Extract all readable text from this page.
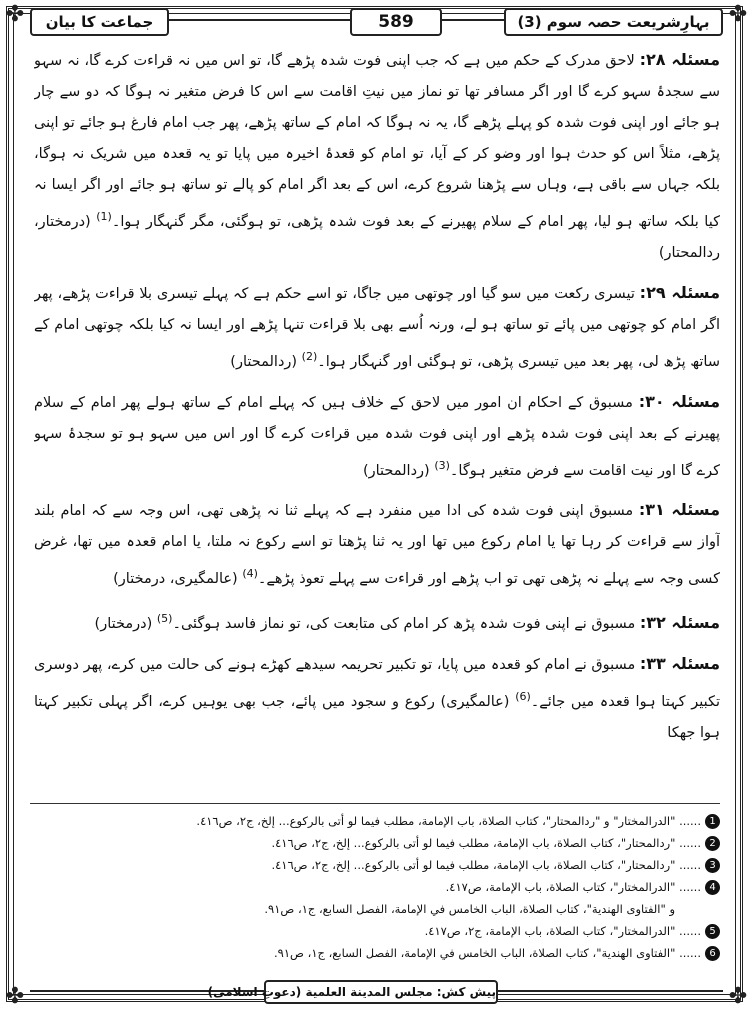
✤	✤
✤	✤
بہارِشریعت حصہ سوم (3)
589
جماعت کا بیان

مسئلہ ۲۸: لاحق مدرک کے حکم میں ہے کہ جب اپنی فوت شدہ پڑھے گا، تو اس میں نہ قراءت کرے گا، نہ سہو سے سجدۂ سہو کرے گا اور اگر مسافر تھا تو نماز میں نیتِ اقامت سے اس کا فرض متغیر نہ ہوگا کہ دو سے چار ہو جائے اور اپنی فوت شدہ کو پہلے پڑھے گا، یہ نہ ہوگا کہ امام کے ساتھ پڑھے، پھر جب امام فارغ ہو جائے تو اپنی پڑھے، مثلاً اس کو حدث ہوا اور وضو کر کے آیا، تو امام کو قعدۂ اخیرہ میں پایا تو یہ قعدہ میں شریک نہ ہوگا، بلکہ جہاں سے باقی ہے، وہاں سے پڑھنا شروع کرے، اس کے بعد اگر امام کو پالے تو ساتھ ہو جائے اور اگر ایسا نہ کیا بلکہ ساتھ ہو لیا، پھر امام کے سلام پھیرنے کے بعد فوت شدہ پڑھی، تو ہوگئی، مگر گنہگار ہوا۔$^{(1)}$ (درمختار، ردالمحتار)

مسئلہ ۲۹: تیسری رکعت میں سو گیا اور چوتھی میں جاگا، تو اسے حکم ہے کہ پہلے تیسری بلا قراءت پڑھے، پھر اگر امام کو چوتھی میں پائے تو ساتھ ہو لے، ورنہ اُسے بھی بلا قراءت تنہا پڑھے اور ایسا نہ کیا بلکہ چوتھی امام کے ساتھ پڑھ لی، پھر بعد میں تیسری پڑھی، تو ہوگئی اور گنہگار ہوا۔$^{(2)}$ (ردالمحتار)

مسئلہ ۳۰: مسبوق کے احکام ان امور میں لاحق کے خلاف ہیں کہ پہلے امام کے ساتھ ہولے پھر امام کے سلام پھیرنے کے بعد اپنی فوت شدہ پڑھے اور اپنی فوت شدہ میں قراءت کرے گا اور اس میں سہو ہو تو سجدۂ سہو کرے گا اور نیت اقامت سے فرض متغیر ہوگا۔$^{(3)}$ (ردالمحتار)

مسئلہ ۳۱: مسبوق اپنی فوت شدہ کی ادا میں منفرد ہے کہ پہلے ثنا نہ پڑھی تھی، اس وجہ سے کہ امام بلند آواز سے قراءت کر رہا تھا یا امام رکوع میں تھا اور یہ ثنا پڑھتا تو اسے رکوع نہ ملتا، یا امام قعدہ میں تھا، غرض کسی وجہ سے پہلے نہ پڑھی تھی تو اب پڑھے اور قراءت سے پہلے تعوذ پڑھے۔$^{(4)}$ (عالمگیری، درمختار)

مسئلہ ۳۲: مسبوق نے اپنی فوت شدہ پڑھ کر امام کی متابعت کی، تو نماز فاسد ہوگئی۔$^{(5)}$ (درمختار)

مسئلہ ۳۳: مسبوق نے امام کو قعدہ میں پایا، تو تکبیر تحریمہ سیدھے کھڑے ہونے کی حالت میں کرے، پھر دوسری تکبیر کہتا ہوا قعدہ میں جائے۔$^{(6)}$ (عالمگیری) رکوع و سجود میں پائے، جب بھی یوہیں کرے، اگر پہلی تکبیر کہتا ہوا جھکا

1...... "الدرالمختار" و "ردالمحتار"، كتاب الصلاة، باب الإمامة، مطلب فيما لو أتى بالركوع... إلخ، ج٢، ص٤١٦.
2...... "ردالمحتار"، كتاب الصلاة، باب الإمامة، مطلب فيما لو أتى بالركوع... إلخ، ج٢، ص٤١٦.
3...... "ردالمحتار"، كتاب الصلاة، باب الإمامة، مطلب فيما لو أتى بالركوع... إلخ، ج٢، ص٤١٦.
4...... "الدرالمختار"، كتاب الصلاة، باب الإمامة، ص٤١٧.
و "الفتاوى الهندية"، كتاب الصلاة، الباب الخامس في الإمامة، الفصل السابع، ج١، ص٩١.
5...... "الدرالمختار"، كتاب الصلاة، باب الإمامة، ج٢، ص٤١٧.
6...... "الفتاوى الهندية"، كتاب الصلاة، الباب الخامس في الإمامة، الفصل السابع، ج١، ص٩١.
پیش کش: مجلس المدينة العلمية (دعوتِ اسلامی)
